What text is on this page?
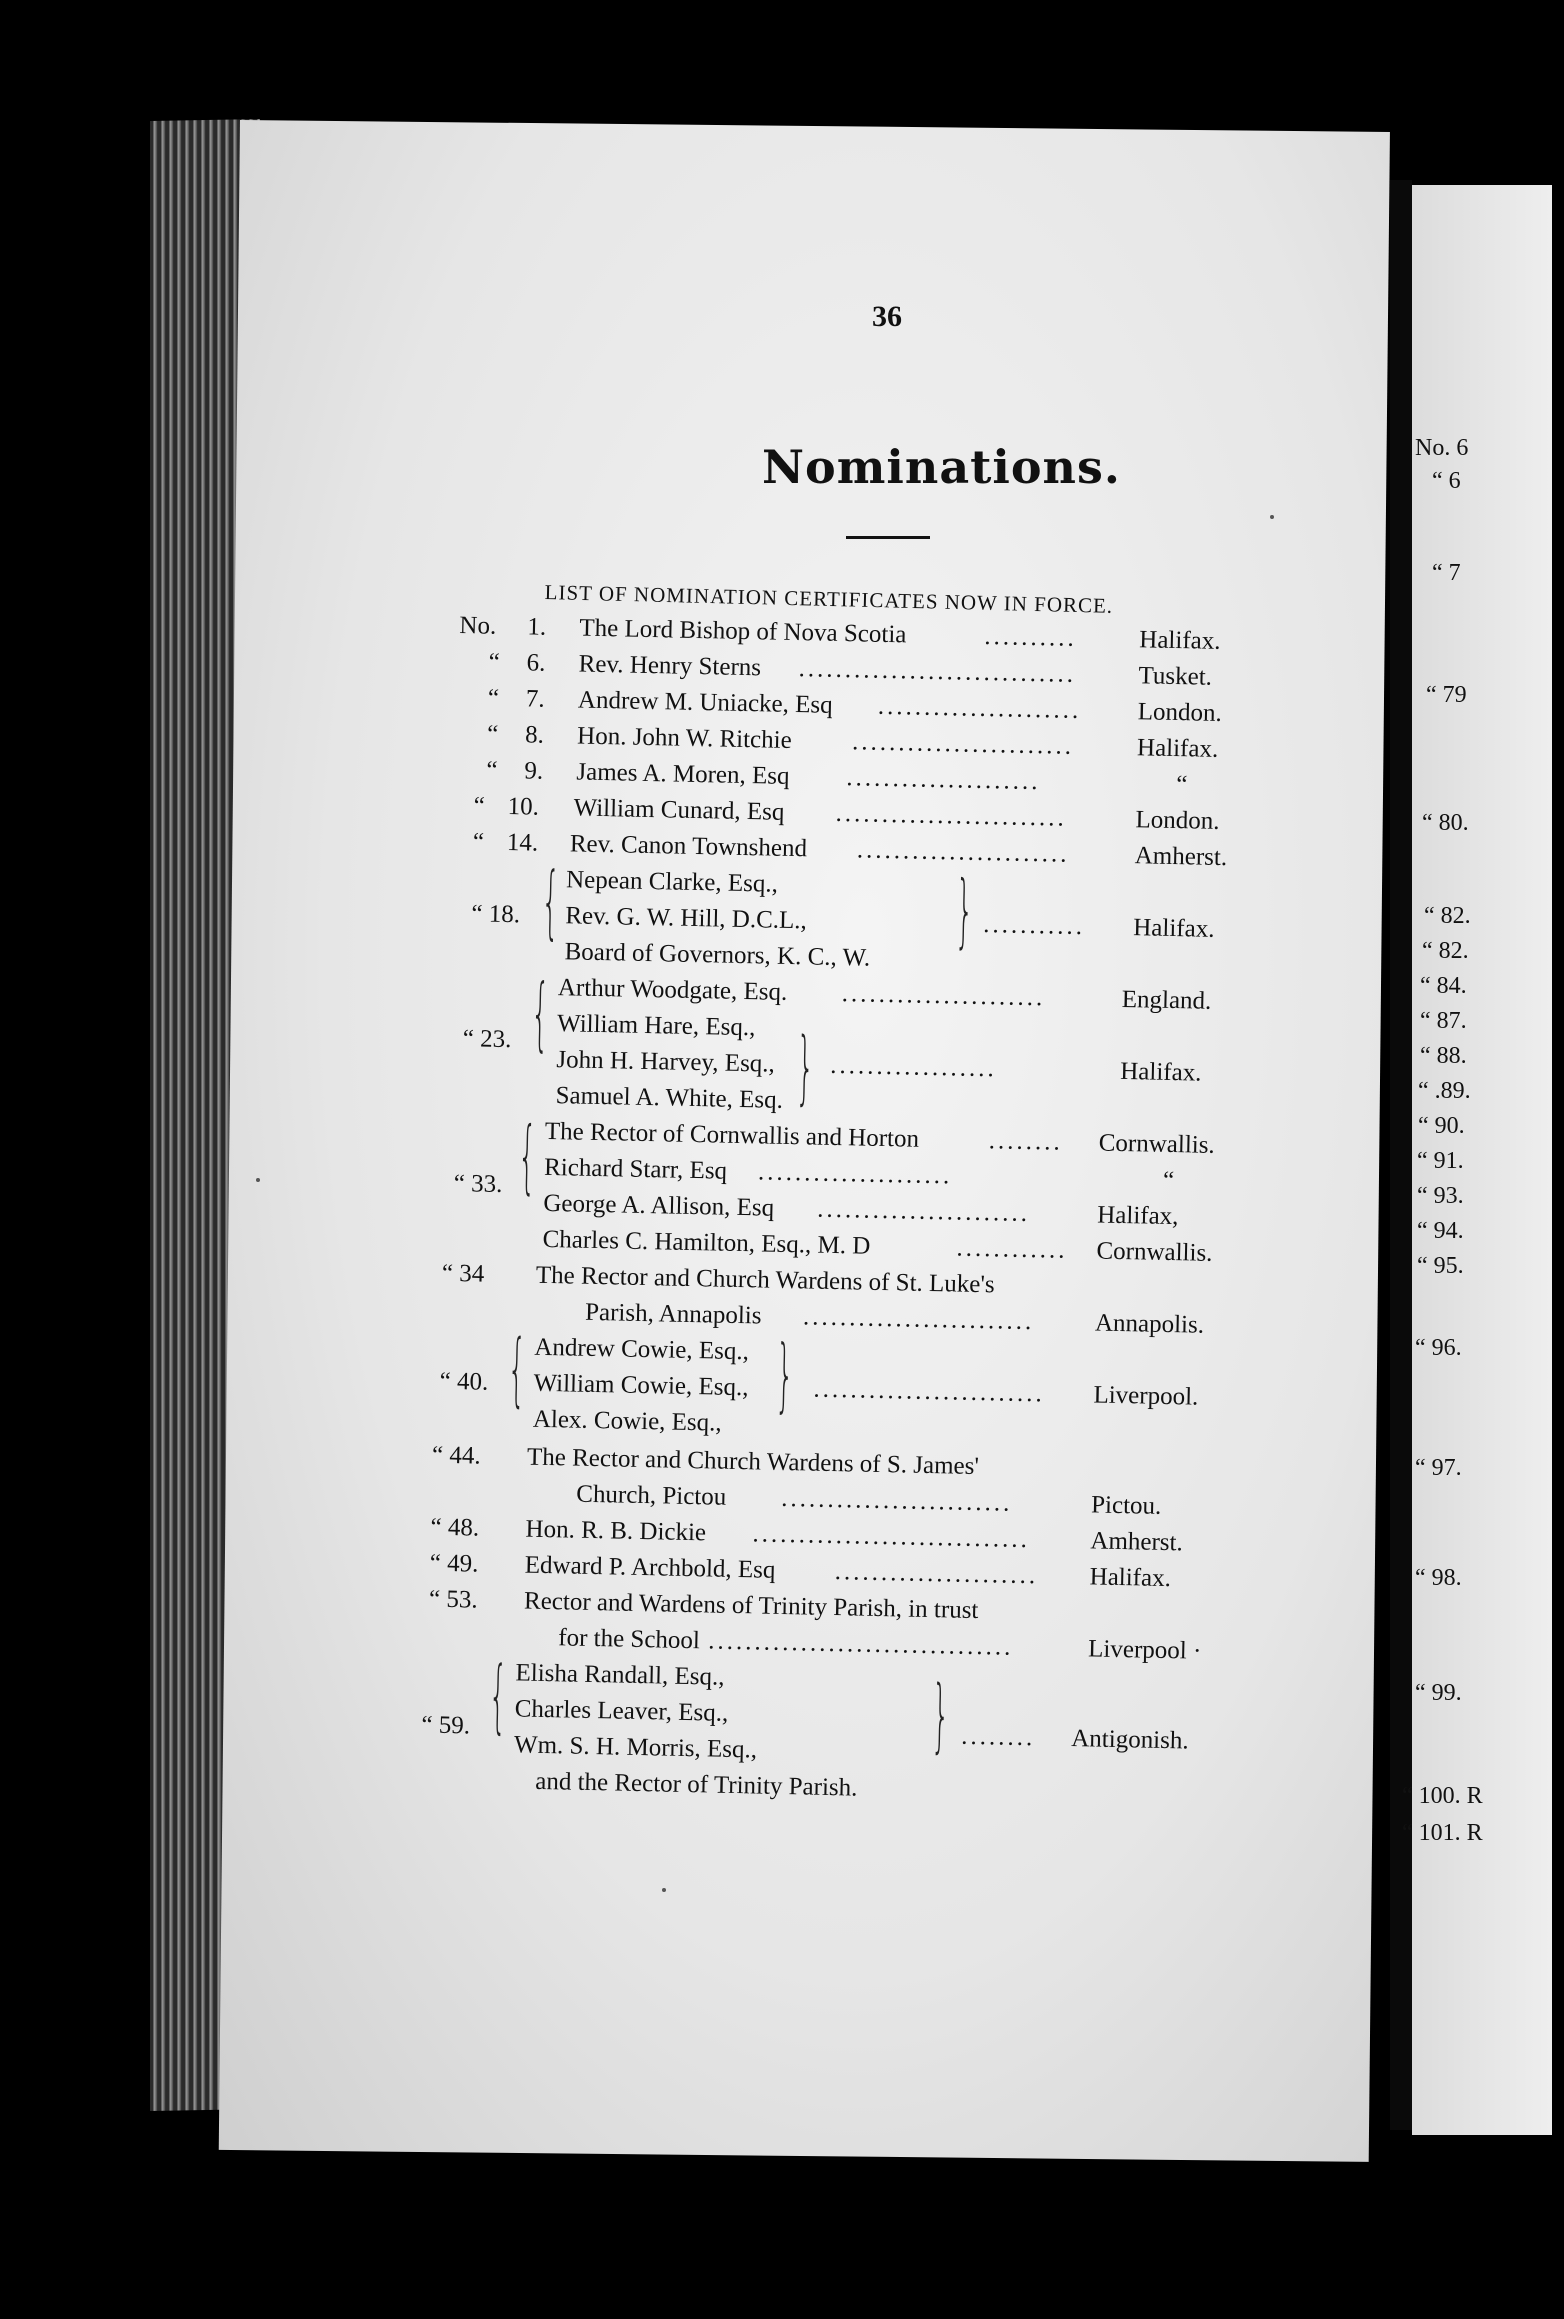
No. 6
“ 6
“ 7
“ 79
“ 80.
“ 82.
“ 82.
“ 84.
“ 87.
“ 88.
“ .89.
“ 90.
“ 91.
“ 93.
“ 94.
“ 95.
“ 96.
“ 97.
“ 98.
“ 99.
“ 100. R
“ 101. R
36
Nominations.
LIST OF NOMINATION CERTIFICATES NOW IN FORCE.
No. 1. The Lord Bishop of Nova Scotia	.......... Halifax.
“ 6. Rev. Henry Sterns .............................. Tusket.
“ 7. Andrew M. Uniacke, Esq ...................... London.
“ 8. Hon. John W. Ritchie ........................ Halifax.
“ 9. James A. Moren, Esq .....................	“
“ 10. William Cunard, Esq .........................	London.
“ 14. Rev. Canon Townshend .......................	Amherst.
“ 18. { Nepean Clarke, Esq.,
Rev. G. W. Hill, D.C.L.,
Board of Governors, K. C., W. } ........... Halifax.
“ 23. { Arthur Woodgate, Esq. ......................	England.
William Hare, Esq.,
John H. Harvey, Esq.,
Samuel A. White, Esq. } ..................	Halifax.
“ 33. { The Rector of Cornwallis and Horton	........ Cornwallis.
Richard Starr, Esq .....................	“
George A. Allison, Esq .......................	Halifax,
Charles C. Hamilton, Esq., M. D	............ Cornwallis.
“ 34 The Rector and Church Wardens of St. Luke's
Parish, Annapolis ......................... Annapolis.
“ 40. { Andrew Cowie, Esq.,
William Cowie, Esq.,
Alex. Cowie, Esq.,
} ......................... Liverpool.
“ 44. The Rector and Church Wardens of S. James'
Church, Pictou .........................	Pictou.
“ 48. Hon. R. B. Dickie .............................. Amherst.
“ 49. Edward P. Archbold, Esq ...................... Halifax.
“ 53. Rector and Wardens of Trinity Parish, in trust
for the School .................................	Liverpool ·
“ 59. { Elisha Randall, Esq.,
Charles Leaver, Esq.,
Wm. S. H. Morris, Esq.,
and the Rector of Trinity Parish.
} ........ Antigonish.
